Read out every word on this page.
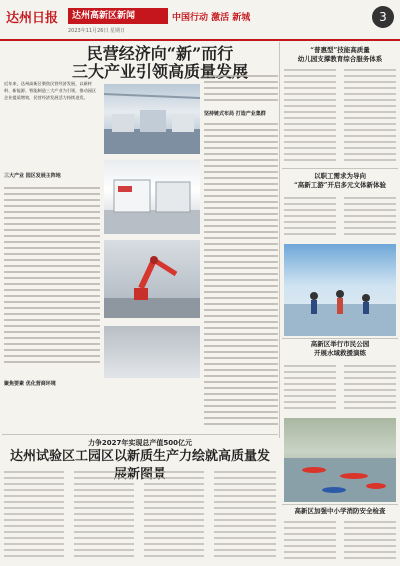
达州日报	达州高新区新闻
2023年11月26日 星期日
中国行动 激活 新城	3
民营经济向“新”而行
三大产业引领高质量发展
近年来，达州高新区聚焦民营经济发展，以新材料、新能源、智能制造三大产业为引领，推动园区企业提质增效，民营经济发展活力持续迸发。
三大产业 园区发展主阵地
聚焦要素 优化营商环境
坚持链式布局 打造产业集群
“普惠型”技能高质量
幼儿园支撑教育综合服务体系
以职工需求为导向
“高新工游”开启多元文体新体验
高新区举行市民公园
开展水域救援演练
高新区加强中小学消防安全检查
力争2027年实现总产值500亿元
达州试验区工园区以新质生产力绘就高质量发展新图景
